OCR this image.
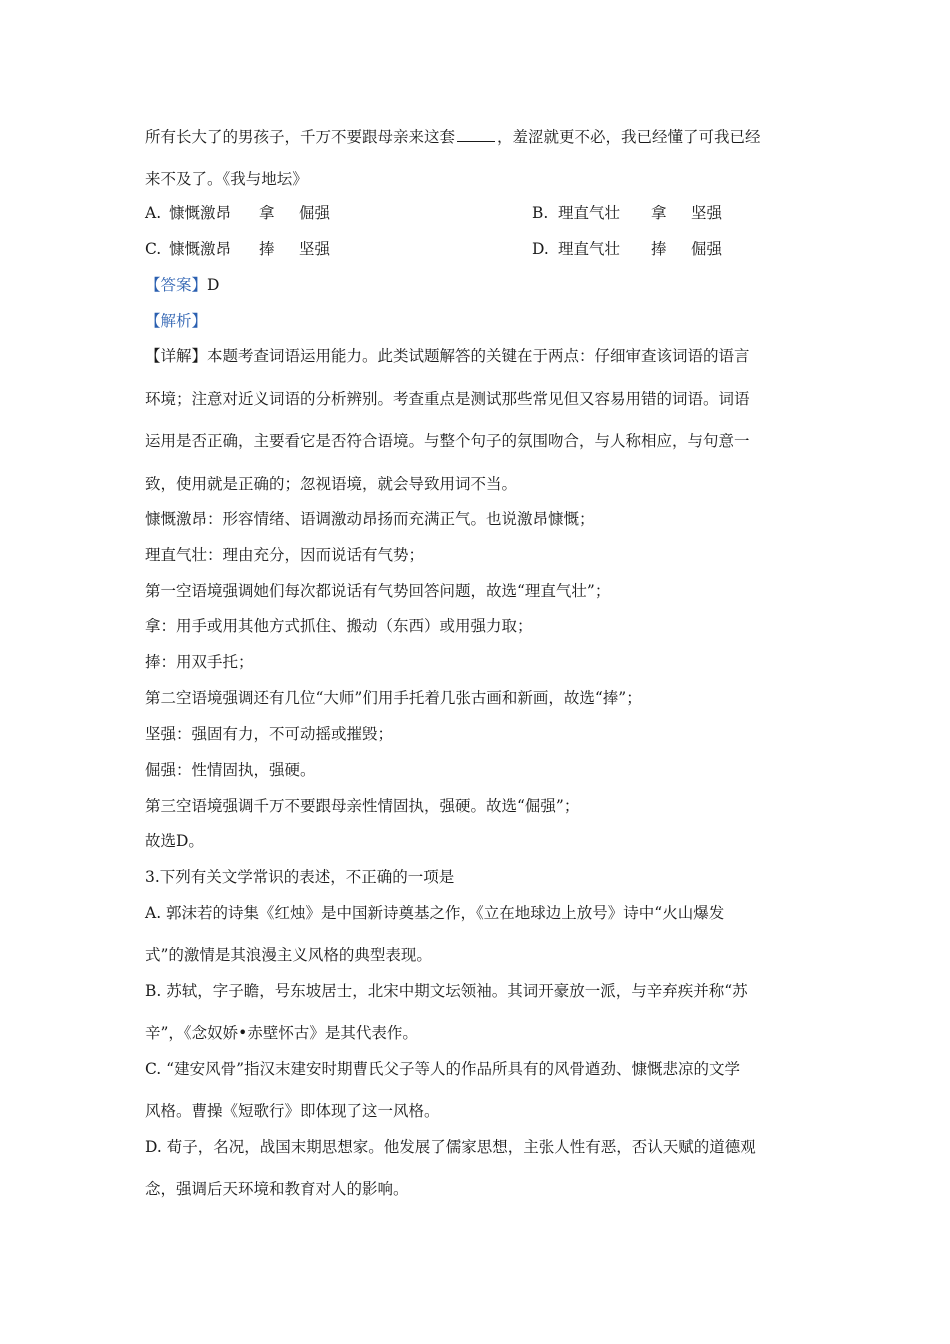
所有长大了的男孩子，千万不要跟母亲来这套	，羞涩就更不必，我已经懂了可我已经
来不及了。《我与地坛》
A. 慷慨激昂 拿 倔强	B. 理直气壮 拿 坚强
C. 慷慨激昂 捧 坚强	D. 理直气壮 捧 倔强
【答案】D
【解析】
【详解】本题考查词语运用能力。此类试题解答的关键在于两点：仔细审查该词语的语言
环境；注意对近义词语的分析辨别。考查重点是测试那些常见但又容易用错的词语。词语
运用是否正确，主要看它是否符合语境。与整个句子的氛围吻合，与人称相应，与句意一
致，使用就是正确的；忽视语境，就会导致用词不当。
慷慨激昂：形容情绪、语调激动昂扬而充满正气。也说激昂慷慨；
理直气壮：理由充分，因而说话有气势；
第一空语境强调她们每次都说话有气势回答问题，故选“理直气壮”；
拿：用手或用其他方式抓住、搬动（东西）或用强力取；
捧：用双手托；
第二空语境强调还有几位“大师”们用手托着几张古画和新画，故选“捧”；
坚强：强固有力，不可动摇或摧毁；
倔强：性情固执，强硬。
第三空语境强调千万不要跟母亲性情固执，强硬。故选“倔强”；
故选D。
3.下列有关文学常识的表述，不正确的一项是
A. 郭沫若的诗集《红烛》是中国新诗奠基之作，《立在地球边上放号》诗中“火山爆发
式”的激情是其浪漫主义风格的典型表现。
B. 苏轼，字子瞻，号东坡居士，北宋中期文坛领袖。其词开豪放一派，与辛弃疾并称“苏
辛”，《念奴娇•赤壁怀古》是其代表作。
C. “建安风骨”指汉末建安时期曹氏父子等人的作品所具有的风骨遒劲、慷慨悲凉的文学
风格。曹操《短歌行》即体现了这一风格。
D. 荀子，名况，战国末期思想家。他发展了儒家思想，主张人性有恶，否认天赋的道德观
念，强调后天环境和教育对人的影响。
